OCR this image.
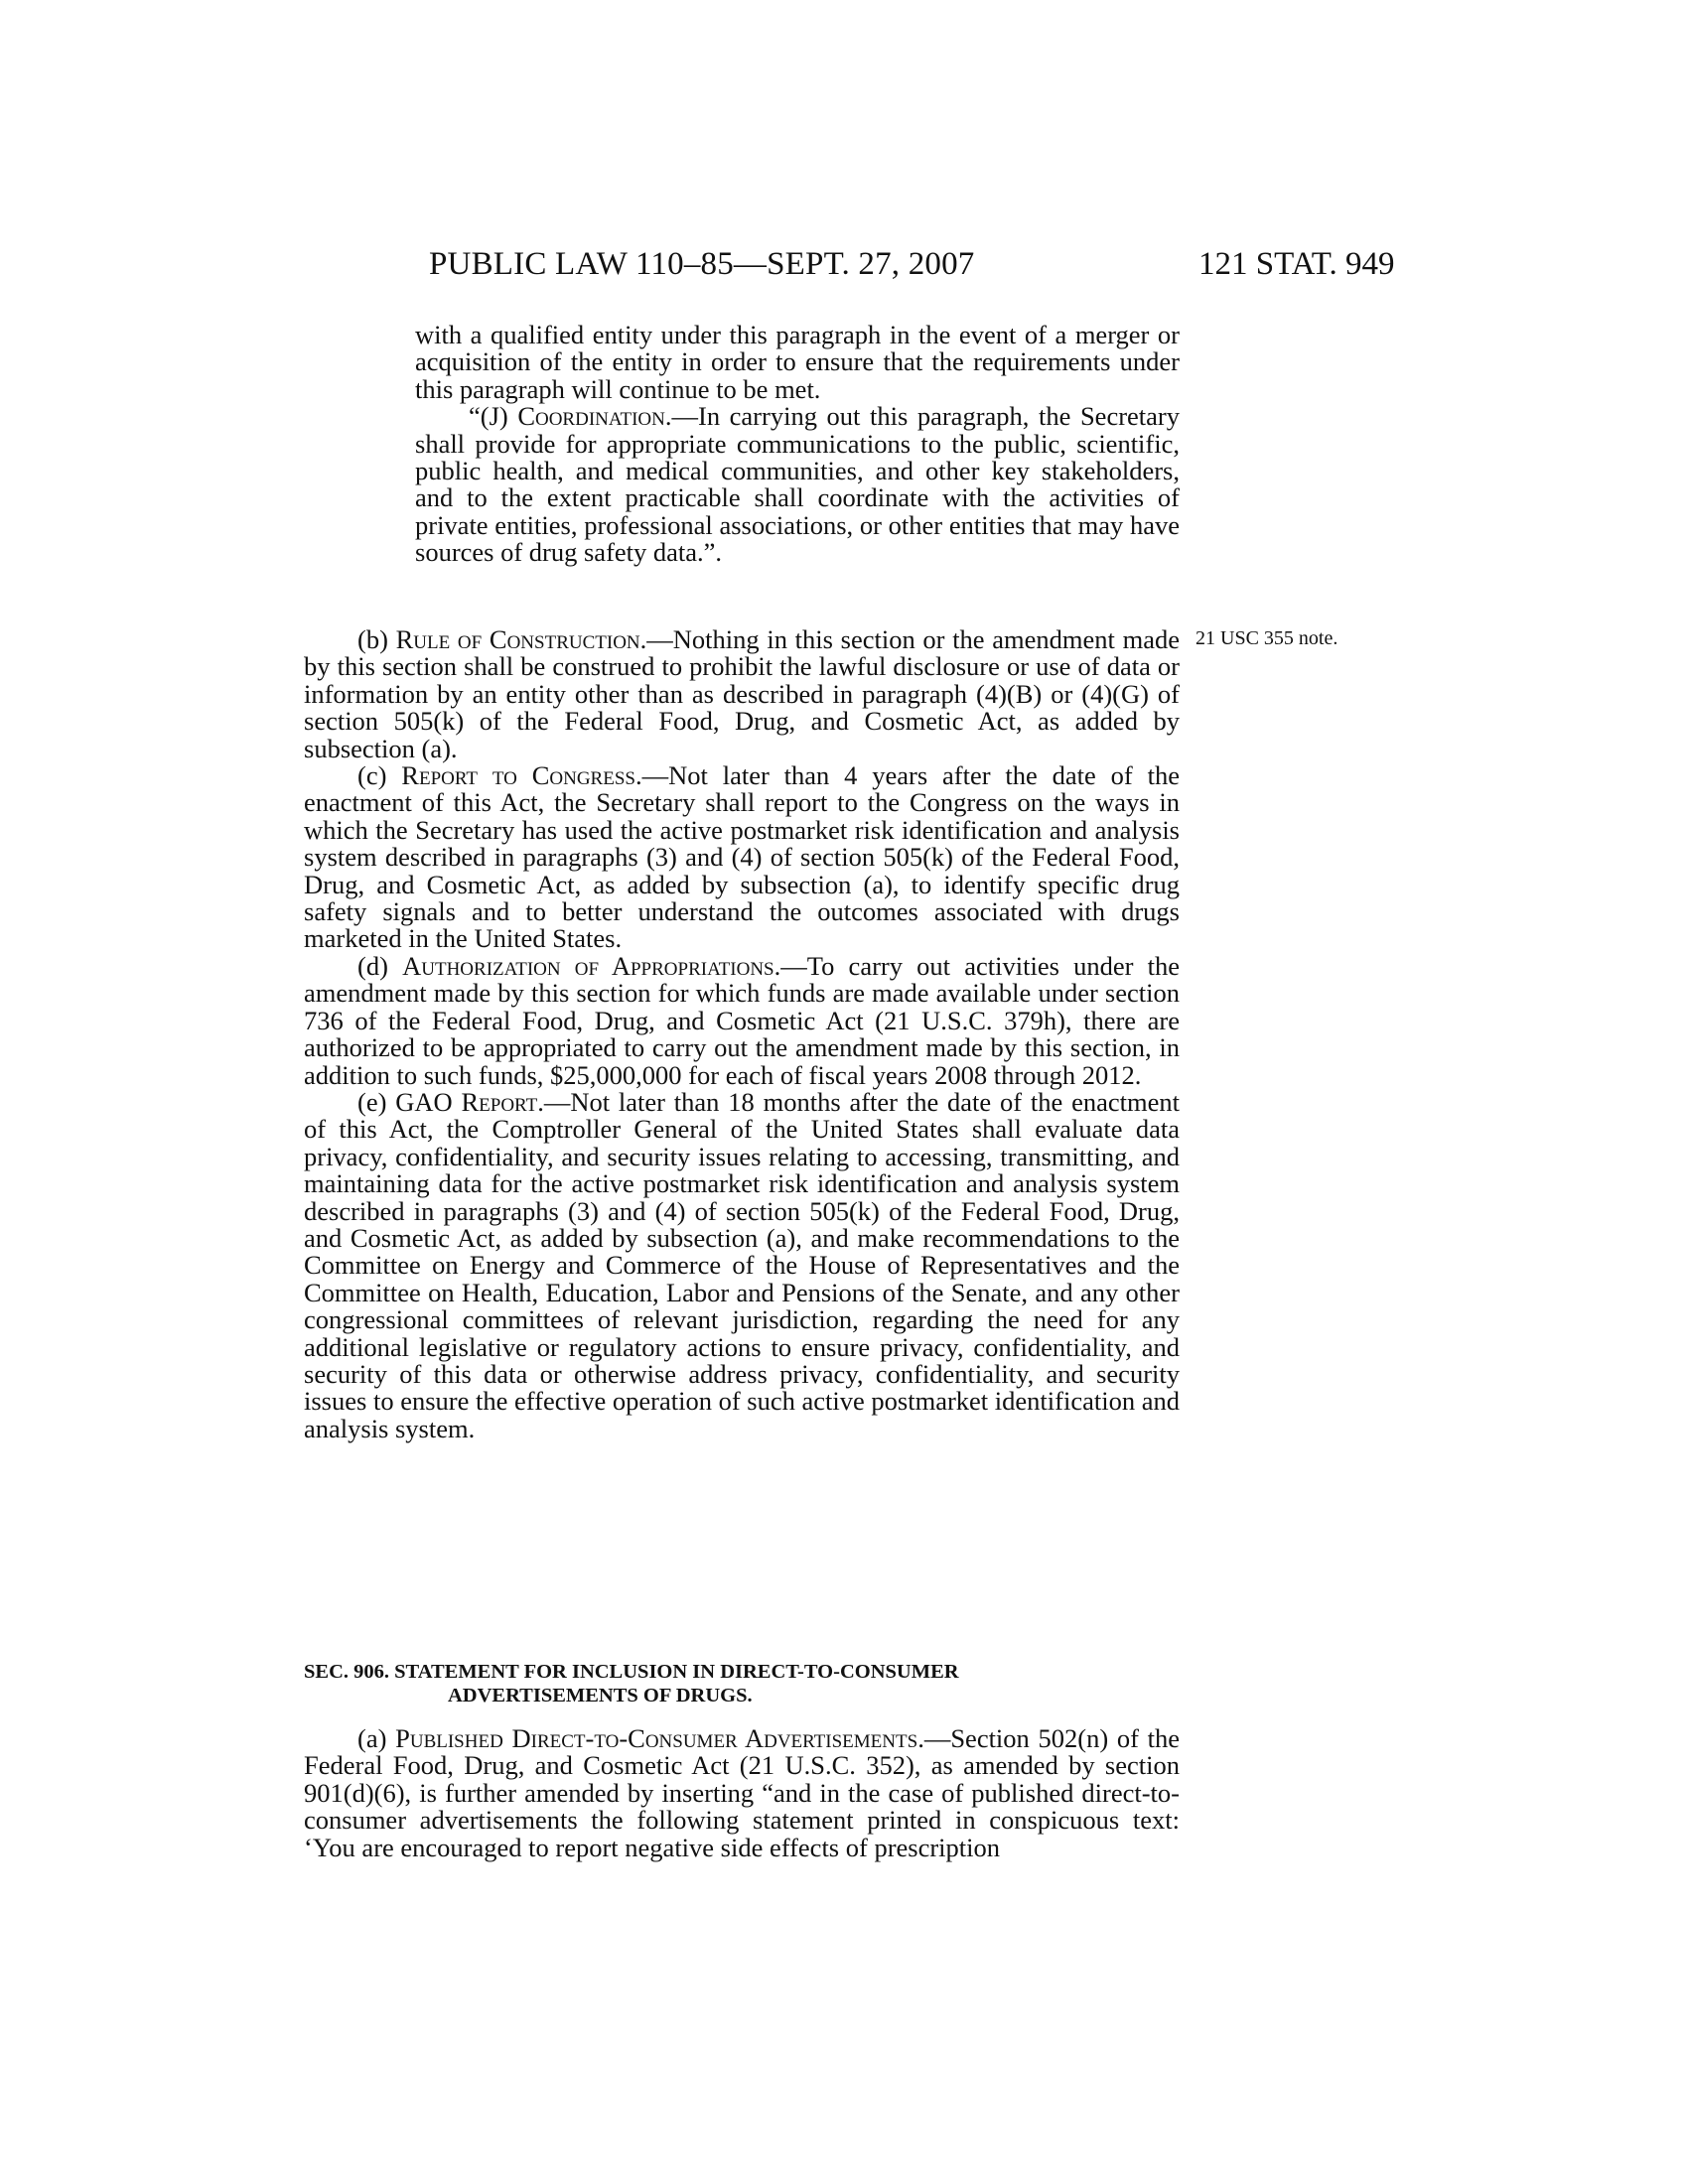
PUBLIC LAW 110–85—SEPT. 27, 2007	121 STAT. 949
21 USC 355 note.

with a qualified entity under this paragraph in the event of a merger or acquisition of the entity in order to ensure that the requirements under this paragraph will continue to be met.

“(J) Coordination.—In carrying out this paragraph, the Secretary shall provide for appropriate communications to the public, scientific, public health, and medical communities, and other key stakeholders, and to the extent practicable shall coordinate with the activities of private entities, professional associations, or other entities that may have sources of drug safety data.”.

(b) Rule of Construction.—Nothing in this section or the amendment made by this section shall be construed to prohibit the lawful disclosure or use of data or information by an entity other than as described in paragraph (4)(B) or (4)(G) of section 505(k) of the Federal Food, Drug, and Cosmetic Act, as added by subsection (a).

(c) Report to Congress.—Not later than 4 years after the date of the enactment of this Act, the Secretary shall report to the Congress on the ways in which the Secretary has used the active postmarket risk identification and analysis system described in paragraphs (3) and (4) of section 505(k) of the Federal Food, Drug, and Cosmetic Act, as added by subsection (a), to identify specific drug safety signals and to better understand the outcomes associated with drugs marketed in the United States.

(d) Authorization of Appropriations.—To carry out activities under the amendment made by this section for which funds are made available under section 736 of the Federal Food, Drug, and Cosmetic Act (21 U.S.C. 379h), there are authorized to be appropriated to carry out the amendment made by this section, in addition to such funds, $25,000,000 for each of fiscal years 2008 through 2012.

(e) GAO Report.—Not later than 18 months after the date of the enactment of this Act, the Comptroller General of the United States shall evaluate data privacy, confidentiality, and security issues relating to accessing, transmitting, and maintaining data for the active postmarket risk identification and analysis system described in paragraphs (3) and (4) of section 505(k) of the Federal Food, Drug, and Cosmetic Act, as added by subsection (a), and make recommendations to the Committee on Energy and Commerce of the House of Representatives and the Committee on Health, Education, Labor and Pensions of the Senate, and any other congressional committees of relevant jurisdiction, regarding the need for any additional legislative or regulatory actions to ensure privacy, confidentiality, and security of this data or otherwise address privacy, confidentiality, and security issues to ensure the effective operation of such active postmarket identification and analysis system.

SEC. 906. STATEMENT FOR INCLUSION IN DIRECT-TO-CONSUMER
ADVERTISEMENTS OF DRUGS.

(a) Published Direct-to-Consumer Advertisements.—Section 502(n) of the Federal Food, Drug, and Cosmetic Act (21 U.S.C. 352), as amended by section 901(d)(6), is further amended by inserting “and in the case of published direct-to-consumer advertisements the following statement printed in conspicuous text: ‘You are encouraged to report negative side effects of prescription
